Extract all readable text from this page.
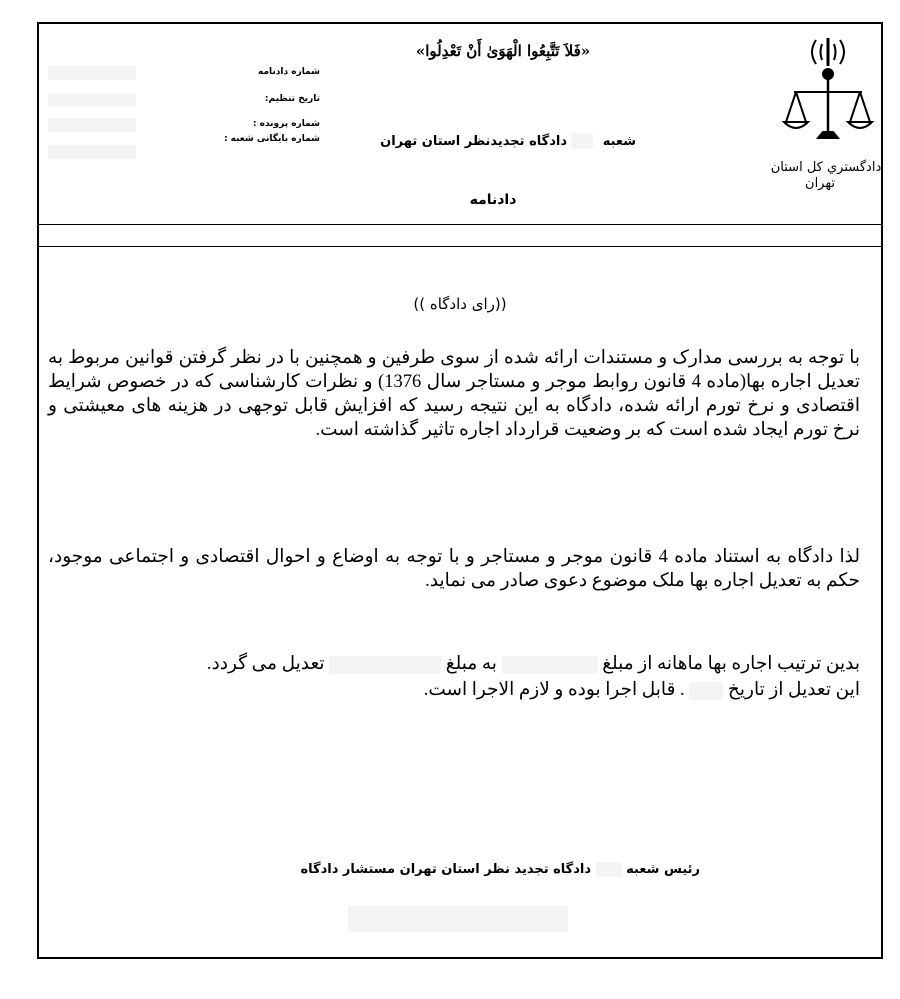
دادگستري كل استان
تهران
«فَلاَ تَتَّبِعُوا الْهَوَىٰ أَنْ تَعْدِلُوا»
شعبه
دادگاه تجديدنظر استان تهران
دادنامه
شماره دادنامه
تاريخ تنظيم:
شماره پرونده :
شماره بايگانى شعبه :
((راى دادگاه ))
با توجه به بررسى مدارک و مستندات ارائه شده از سوى طرفين و همچنين با در نظر گرفتن قوانين مربوط به تعديل اجاره بها(ماده 4 قانون روابط موجر و مستاجر سال 1376) و نظرات كارشناسى كه در خصوص شرايط اقتصادى و نرخ تورم ارائه شده، دادگاه به اين نتيجه رسيد كه افزايش قابل توجهى در هزينه هاى معيشتى و نرخ تورم ايجاد شده است كه بر وضعيت قرارداد اجاره تاثير گذاشته است.
لذا دادگاه به استناد ماده 4 قانون موجر و مستاجر و با توجه به اوضاع و احوال اقتصادى و اجتماعى موجود، حكم به تعديل اجاره بها ملک موضوع دعوى صادر مى نمايد.
بدين ترتيب اجاره بها ماهانه از مبلغ  به مبلغ  تعديل مى گردد.
اين تعديل از تاريخ  . قابل اجرا بوده و لازم الاجرا است.
رئيس شعبه  دادگاه تجديد نظر استان تهران مستشار دادگاه
